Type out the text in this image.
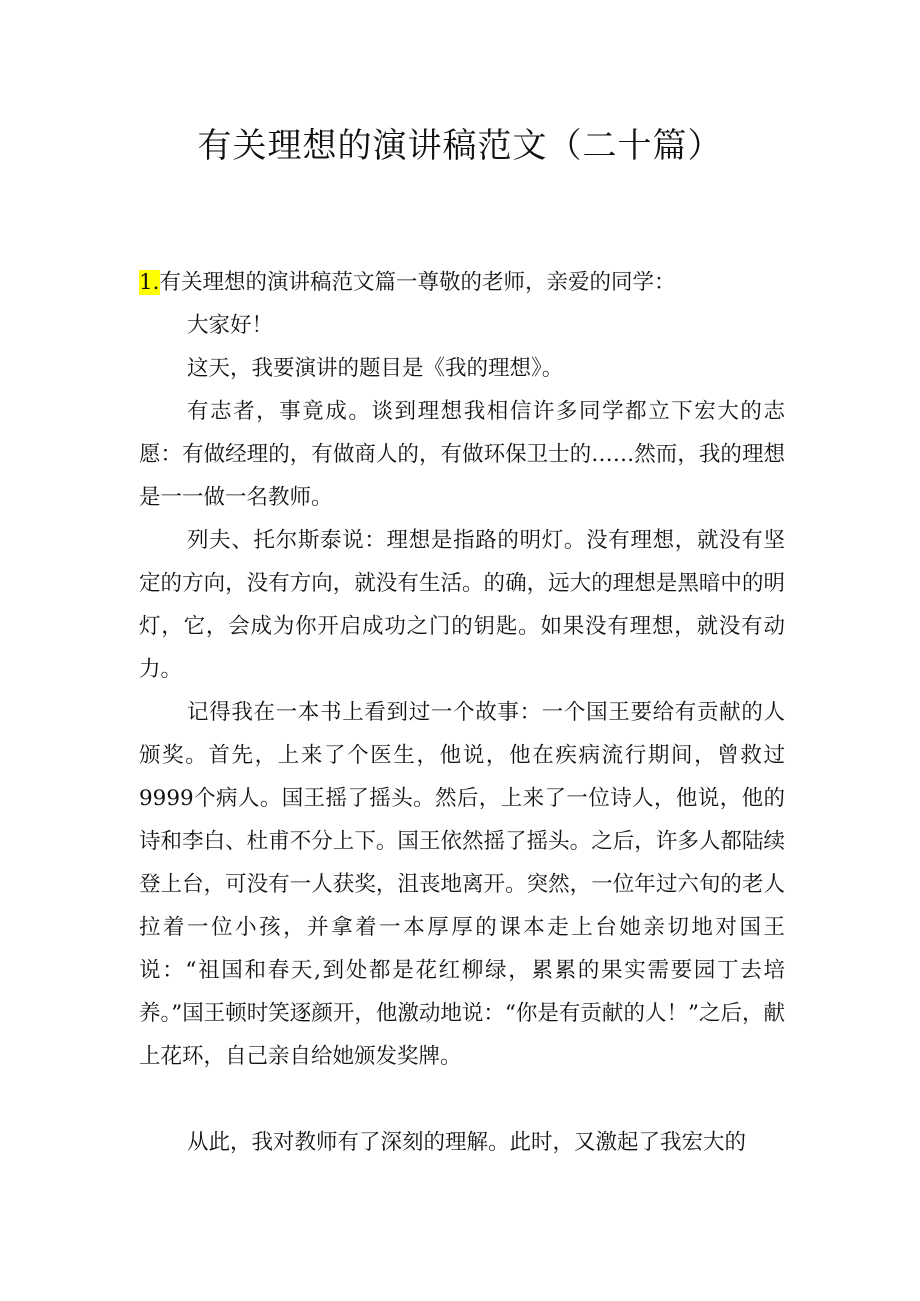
有关理想的演讲稿范文（二十篇）

1.有关理想的演讲稿范文篇一尊敬的老师，亲爱的同学：

大家好！

这天，我要演讲的题目是《我的理想》。

有志者，事竟成。谈到理想我相信许多同学都立下宏大的志愿：有做经理的，有做商人的，有做环保卫士的……然而，我的理想是一一做一名教师。

列夫、托尔斯泰说：理想是指路的明灯。没有理想，就没有坚定的方向，没有方向，就没有生活。的确，远大的理想是黑暗中的明灯，它，会成为你开启成功之门的钥匙。如果没有理想，就没有动力。

记得我在一本书上看到过一个故事：一个国王要给有贡献的人颁奖。首先，上来了个医生，他说，他在疾病流行期间，曾救过9999个病人。国王摇了摇头。然后，上来了一位诗人，他说，他的诗和李白、杜甫不分上下。国王依然摇了摇头。之后，许多人都陆续登上台，可没有一人获奖，沮丧地离开。突然，一位年过六旬的老人拉着一位小孩，并拿着一本厚厚的课本走上台她亲切地对国王说：“祖国和春天,到处都是花红柳绿，累累的果实需要园丁去培养。”国王顿时笑逐颜开，他激动地说：“你是有贡献的人！”之后，献上花环，自己亲自给她颁发奖牌。

从此，我对教师有了深刻的理解。此时，又激起了我宏大的
